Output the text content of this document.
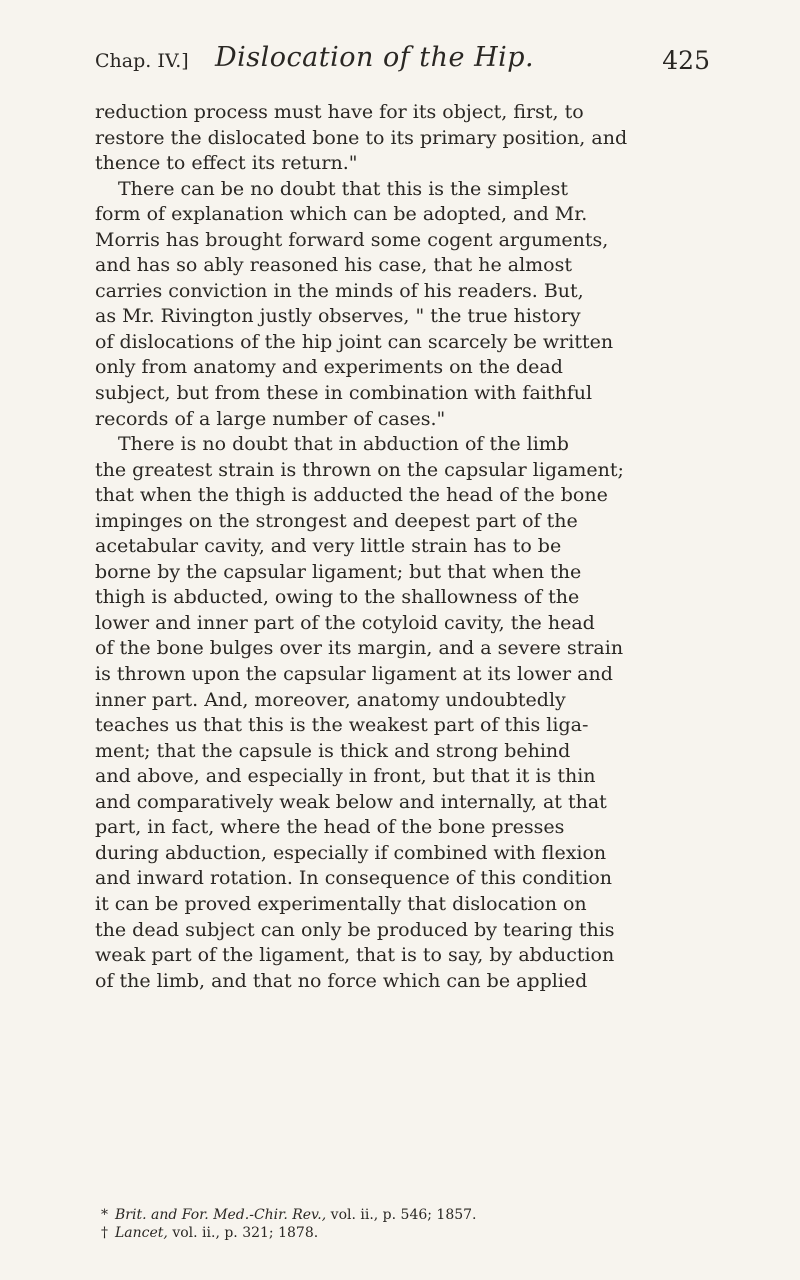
Chap. IV.] Dislocation of the Hip.	425

reduction process must have for its object, first, to
restore the dislocated bone to its primary position, and
thence to effect its return."

There can be no doubt that this is the simplest
form of explanation which can be adopted, and Mr.
Morris has brought forward some cogent arguments,
and has so ably reasoned his case, that he almost
carries conviction in the minds of his readers. But,
as Mr. Rivington justly observes, " the true history
of dislocations of the hip joint can scarcely be written
only from anatomy and experiments on the dead
subject, but from these in combination with faithful
records of a large number of cases."

There is no doubt that in abduction of the limb
the greatest strain is thrown on the capsular ligament;
that when the thigh is adducted the head of the bone
impinges on the strongest and deepest part of the
acetabular cavity, and very little strain has to be
borne by the capsular ligament; but that when the
thigh is abducted, owing to the shallowness of the
lower and inner part of the cotyloid cavity, the head
of the bone bulges over its margin, and a severe strain
is thrown upon the capsular ligament at its lower and
inner part. And, moreover, anatomy undoubtedly
teaches us that this is the weakest part of this liga-
ment; that the capsule is thick and strong behind
and above, and especially in front, but that it is thin
and comparatively weak below and internally, at that
part, in fact, where the head of the bone presses
during abduction, especially if combined with flexion
and inward rotation. In consequence of this condition
it can be proved experimentally that dislocation on
the dead subject can only be produced by tearing this
weak part of the ligament, that is to say, by abduction
of the limb, and that no force which can be applied

* Brit. and For. Med.-Chir. Rev., vol. ii., p. 546; 1857.
† Lancet, vol. ii., p. 321; 1878.
